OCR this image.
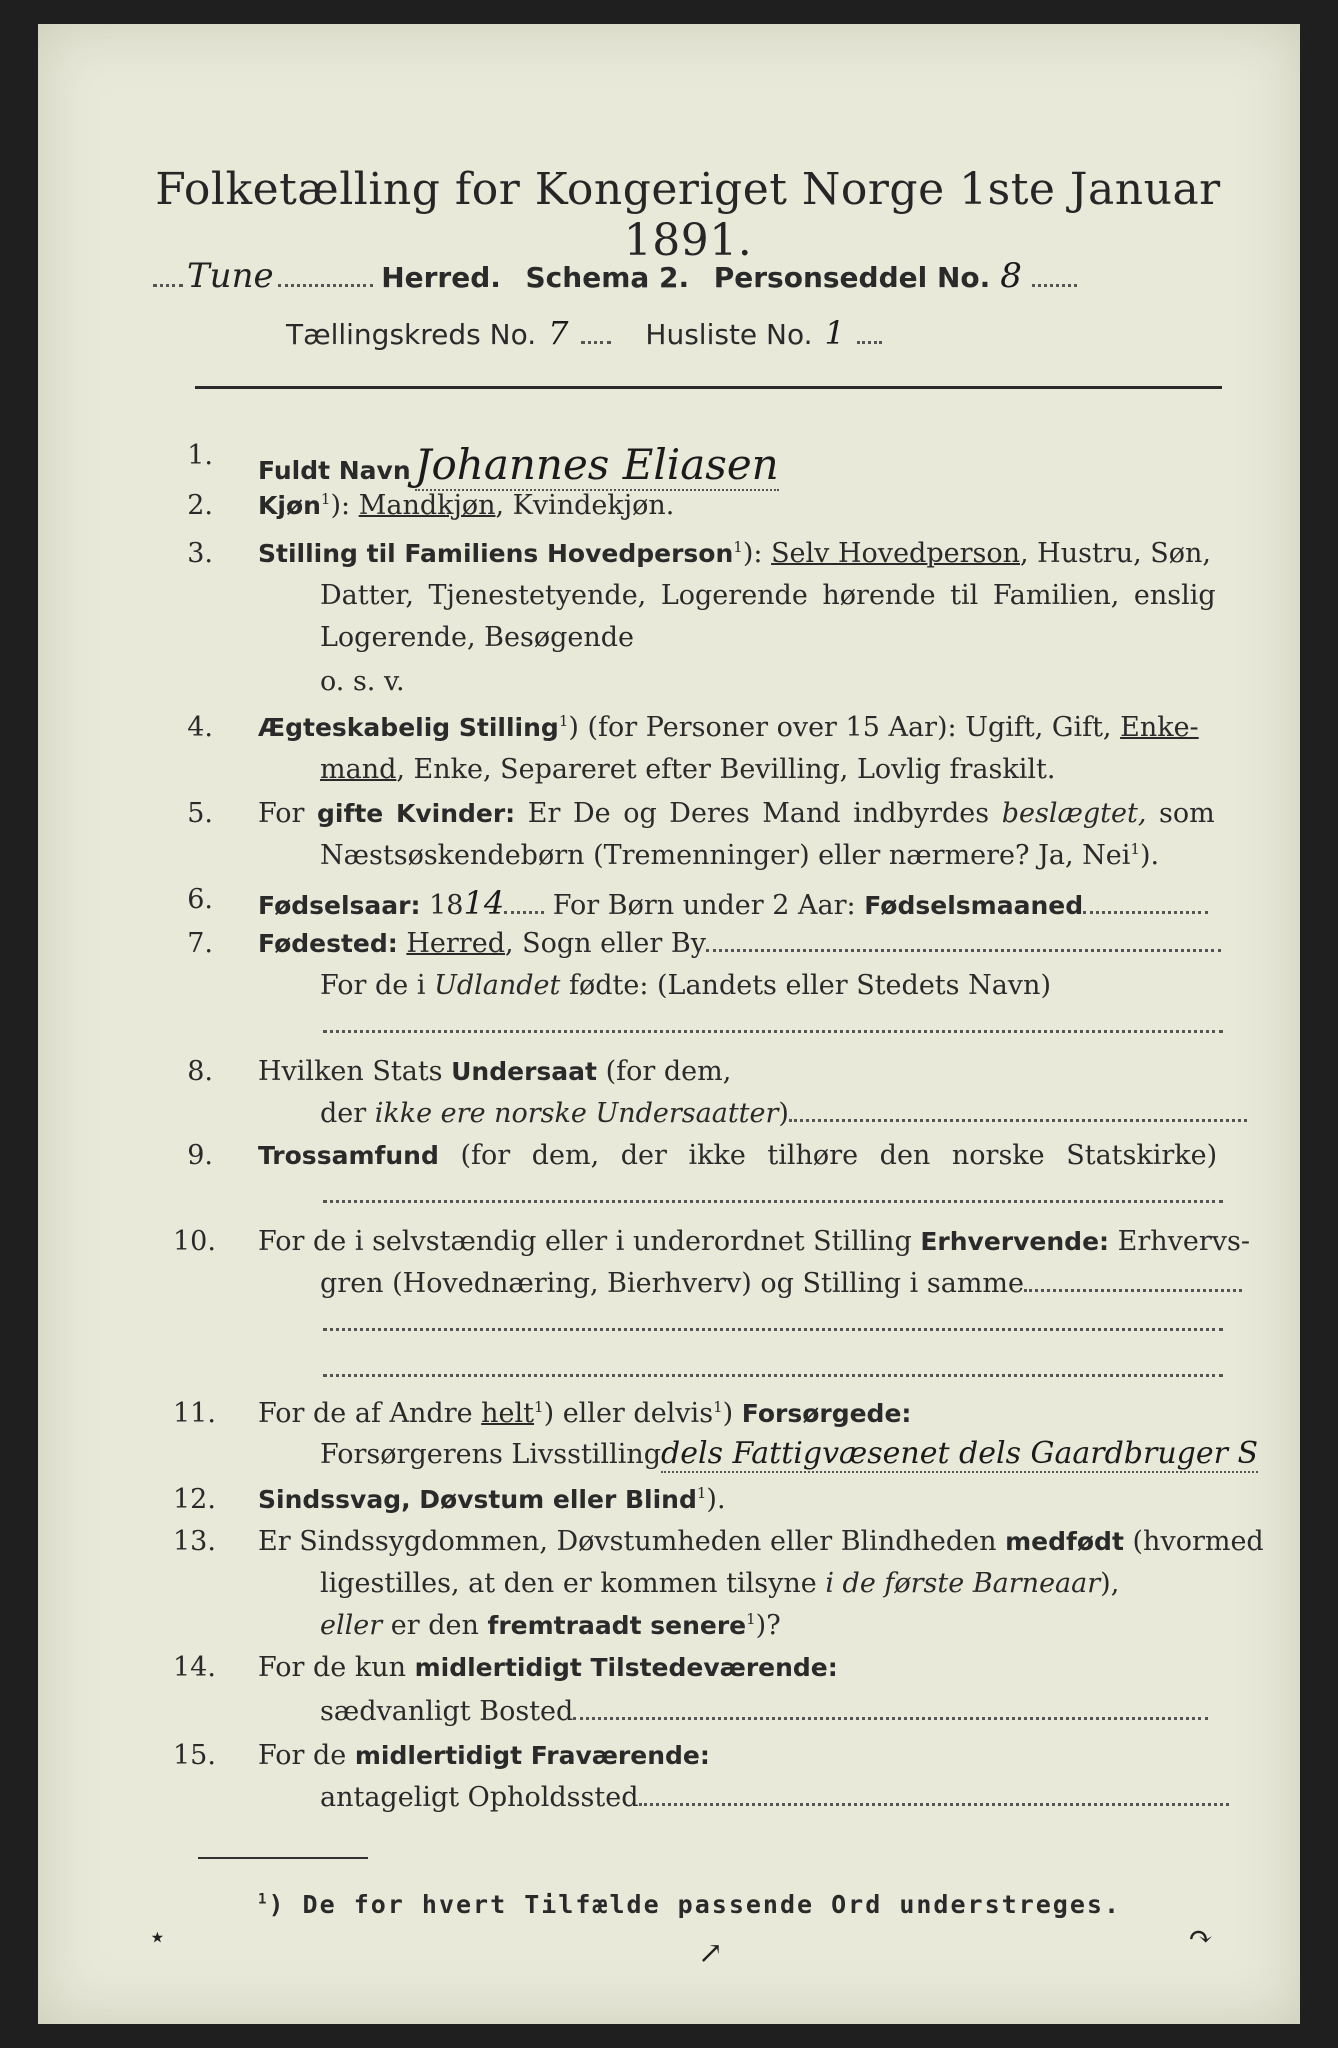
Folketælling for Kongeriget Norge 1ste Januar 1891.
Tune	Herred. Schema 2. Personseddel No. 8
Tællingskreds No. 7	Husliste No. 1
1. Fuldt NavnJohannes Eliasen
2. Kjøn$^1$): Mandkjøn, Kvindekjøn.
3. Stilling til Familiens Hovedperson$^1$): Selv Hovedperson, Hustru, Søn,
Datter, Tjenestetyende, Logerende hørende til Familien, enslig
Logerende, Besøgende
o. s. v.
4. Ægteskabelig Stilling$^1$) (for Personer over 15 Aar): Ugift, Gift, Enke-
mand, Enke, Separeret efter Bevilling, Lovlig fraskilt.
5. For gifte Kvinder: Er De og Deres Mand indbyrdes beslægtet, som
Næstsøskendebørn (Tremenninger) eller nærmere? Ja, Nei$^1$).
6. Fødselsaar: 1814 For Børn under 2 Aar: Fødselsmaaned
7. Fødested: Herred, Sogn eller By
For de i Udlandet fødte: (Landets eller Stedets Navn)
8. Hvilken Stats Undersaat (for dem,
der ikke ere norske Undersaatter)
9. Trossamfund (for dem, der ikke tilhøre den norske Statskirke)
10. For de i selvstændig eller i underordnet Stilling Erhvervende: Erhvervs-
gren (Hovednæring, Bierhverv) og Stilling i samme
11. For de af Andre helt$^1$) eller delvis$^1$) Forsørgede:
Forsørgerens Livsstillingdels Fattigvæsenet dels Gaardbruger S
12. Sindssvag, Døvstum eller Blind$^1$).
13. Er Sindssygdommen, Døvstumheden eller Blindheden medfødt (hvormed
ligestilles, at den er kommen tilsyne i de første Barneaar),
eller er den fremtraadt senere$^1$)?
14. For de kun midlertidigt Tilstedeværende:
sædvanligt Bosted
15. For de midlertidigt Fraværende:
antageligt Opholdssted
$^1$) De for hvert Tilfælde passende Ord understreges.
⋆	↗	↷
